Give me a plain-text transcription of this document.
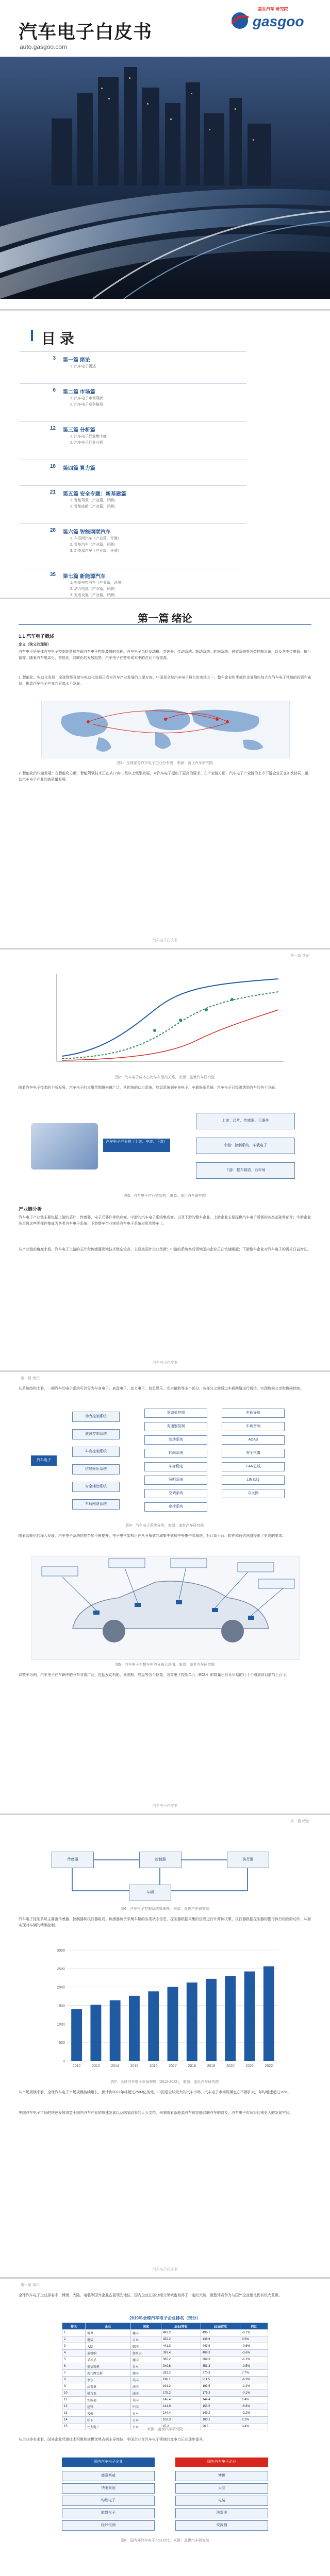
汽车电子白皮书
auto.gasgoo.com
盖世汽车 研究院
gasgoo
目 录
3 第一篇 绪论
1. 汽车电子概述
6 第二篇 市场篇
1. 汽车电子市场现状
2. 汽车电子竞争格局
12 第三篇 分析篇
1. 汽车电子行业集中度
2. 汽车电子行业分析
18 第四篇 算力篇
21 第五篇 安全专题：新基建篇
1. 智能驾驶（产业篇，评测）
2. 智能座舱（产业篇，评测）
28 第六篇 智能网联汽车
1. 车联网汽车（产业篇，评测）
2. 智能汽车（产业篇，评测）
3. 新能源汽车（产业篇，评测）
35 第七篇 新能源汽车
1. 电驱电控汽车（产业篇，评测）
2. 动力电池（产业篇，评测）
3. 充电设施（产业篇，评测）
第一篇 绪论
1.1 汽车电子概述
定义（狭义的理解）
汽车电子是车体汽车电子控制装置和车载汽车电子控制装置的总称。汽车电子包括发动机、变速器、传动系统、制动系统、转向系统、悬架系统等各类控制系统，以及各类传感器、执行器等。随着汽车电动化、智能化、网联化的发展趋势，汽车电子在整车成本中的占比不断提高。
1. 智能化、电动化发展：全球智能驾驶与电动化发展已成为汽车产业发展的主要方向。中国是全球汽车电子最大的市场之一，整车企业和零部件企业纷纷加大在汽车电子领域的投资和布局，推动汽车电子产业向更高水平发展。
图1：全球部分汽车电子企业分布图，来源：盖世汽车研究院
2. 智能化的快速发展：在智能化方面，智能驾驶技术正在从L2向L3及以上级别发展，对汽车电子提出了更高的要求。在产业链方面，汽车电子产业链的上中下游企业正在加快协同，推动汽车电子产业的高质量发展。
汽车电子白皮书
第一篇 绪论
图2：汽车电子成本占比与车型的关系，来源：盖世汽车研究院
随着汽车电子技术的不断发展，汽车电子的应用范围越来越广泛，从传统的动力系统、底盘系统到车身电子、车载娱乐系统，汽车电子已经渗透到汽车的各个方面。
汽车电子产业链（上游、中游、下游）
上游：芯片、传感器、元器件
中游：控制系统、车载电子
下游：整车制造、后市场
图3：汽车电子产业链结构，来源：盖世汽车研究院
产业链分析
汽车电子产业链主要包括上游的芯片、传感器、电子元器件等供应商，中游的汽车电子系统集成商，以及下游的整车企业。上游企业主要提供汽车电子所需的各类基础零部件；中游企业负责将这些零部件集成为各类汽车电子系统；下游整车企业则将汽车电子系统应用到整车上。
从产业链的角度来看，汽车电子上游的芯片和传感器领域技术壁垒较高，主要被国外企业垄断；中游的系统集成领域国内企业正在快速崛起；下游整车企业对汽车电子的需求日益增长。
汽车电子白皮书
第一篇 绪论
从系统结构上看，一辆汽车的电子系统可以分为车身电子、底盘电子、动力电子、信息娱乐、安全辅助等多个部分，各部分之间通过车载网络进行通信，实现数据共享和协同控制。
汽车电子
动力控制系统
底盘控制系统
车身控制系统
信息娱乐系统
安全辅助系统
车载网络系统
发动机控制
变速器控制
制动系统
转向系统
车身稳定
照明系统
空调系统
座椅系统
车载导航
车载音响
ADAS
安全气囊
CAN总线
LIN总线
以太网
图4：汽车电子系统分类，来源：盖世汽车研究院
随着智能化的深入发展，汽车电子系统的复杂度不断提升，电子电气架构正在从分布式向域集中式和中央集中式演进，对计算平台、软件和通信网络提出了更高的要求。
图5：汽车电子在整车中的分布示意图，来源：盖世汽车研究院
以整车为例，汽车电子在车辆中的分布非常广泛，包括发动机舱、驾驶舱、底盘等各个位置，各类电子控制单元（ECU）的数量已经从早期的几十个增加到目前的上百个。
汽车电子白皮书
第一篇 绪论
传感器	控制器	执行器
车辆
图6：汽车电子控制系统原理图，来源：盖世汽车研究院
汽车电子控制系统主要由传感器、控制器和执行器组成。传感器负责采集车辆的各类状态信息，控制器根据采集的信息进行计算和决策，执行器根据控制器的指令执行相应的动作，从而实现对车辆的精确控制。
0
500
1000
1500
2000
2500
3000
2012	2013	2014	2015	2016	2017	2018	2019	2020	2021	2022
图7：全球汽车电子市场规模（2012-2022），来源：盖世汽车研究院
从市场规模来看，全球汽车电子市场规模持续增长，预计到2022年将超过2500亿美元。中国是全球最大的汽车市场，汽车电子市场规模也在不断扩大，年均增速超过10%。
中国汽车电子市场的快速发展得益于国内汽车产业的快速发展以及国家政策的大力支持，未来随着新能源汽车和智能网联汽车的普及，汽车电子市场将迎来更大的发展空间。
汽车电子白皮书
第一篇 绪论
全球汽车电子企业排名中，博世、大陆、电装等国外企业占据领先地位，国内企业在部分细分领域也取得了一定的突破，但整体竞争力与国外企业相比仍有较大差距。
2019年全球汽车电子企业排名（部分）
排名	企业	国家	2019营收	2018营收	同比
1	博世	德国	493.2	496.7	-0.7%
2	电装	日本	452.2	436.9	3.5%
3	大陆	德国	441.3	443.9	-0.6%
4	麦格纳	加拿大	393.4	408.3	-3.6%
5	采埃孚	德国	365.2	369.3	-1.1%
6	爱信精机	日本	349.6	351.3	-0.5%
7	现代摩比斯	韩国	291.2	270.3	7.7%
8	李尔	美国	198.1	211.5	-6.3%
9	法雷奥	法国	191.2	193.5	-1.2%
10	佛吉亚	法国	175.2	175.3	-0.1%
11	安波福	英国	146.4	144.4	1.4%
12	延锋	中国	144.9	153.5	-5.6%
13	矢崎	日本	144.4	149.2	-3.2%
14	松下	日本	102.3	100.1	2.2%
15	住友电工	日本	97.2	96.8	0.4%
来源：盖世汽车研究院
从企业排名来看，国外企业凭借技术积累和规模优势占据主导地位，中国企业在汽车电子领域的竞争力正在逐步提升。
国内汽车电子企业	国外汽车电子企业
德赛西威
华阳集团
均胜电子
航盛电子
经纬恒润
博世
大陆
电装
法雷奥
安波福
图8：国内外汽车电子企业对比，来源：盖世汽车研究院
